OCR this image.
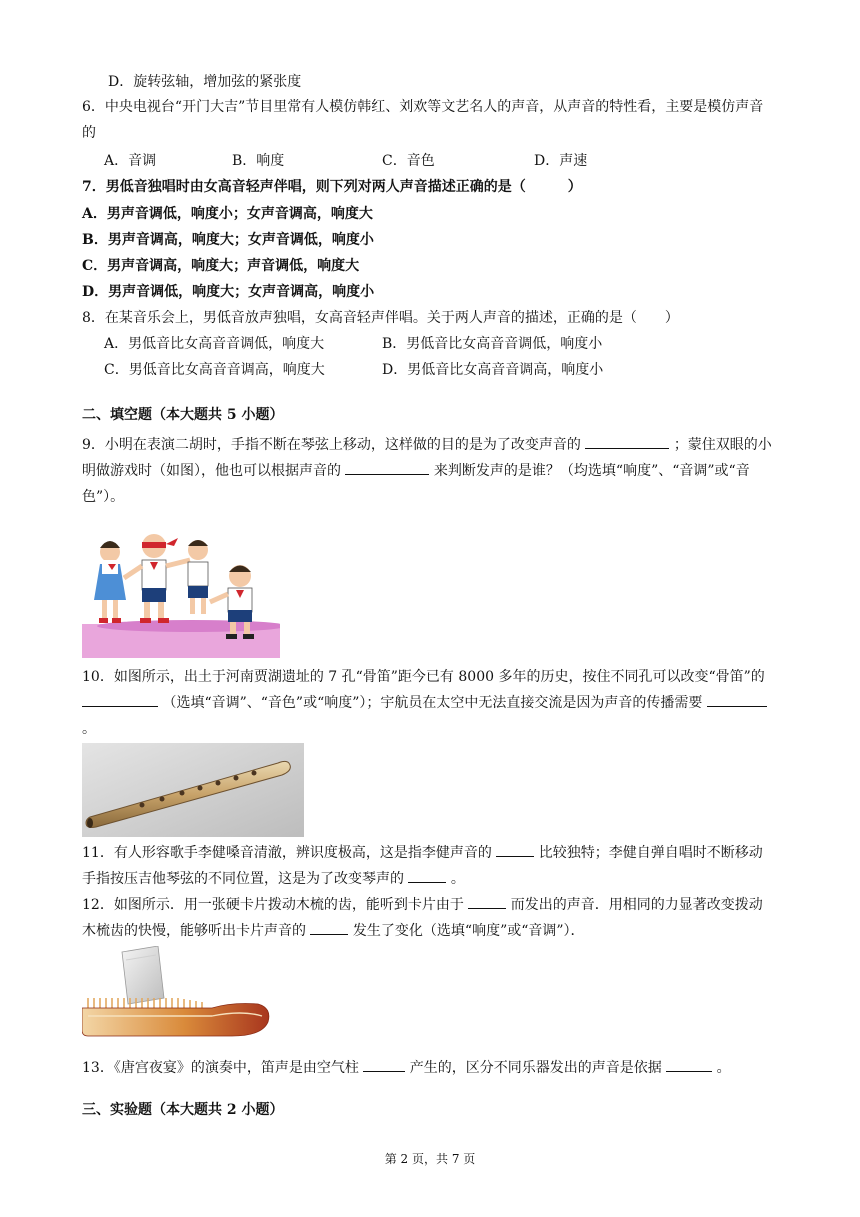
D．旋转弦轴，增加弦的紧张度
6．中央电视台“开门大吉”节目里常有人模仿韩红、刘欢等文艺名人的声音，从声音的特性看，主要是模仿声音的
A．音调	B．响度	C．音色	D．声速
7．男低音独唱时由女高音轻声伴唱，则下列对两人声音描述正确的是（　　　）
A．男声音调低，响度小；女声音调高，响度大
B．男声音调高，响度大；女声音调低，响度小
C．男声音调高，响度大；声音调低，响度大
D．男声音调低，响度大；女声音调高，响度小
8．在某音乐会上，男低音放声独唱，女高音轻声伴唱。关于两人声音的描述，正确的是（　　）
A．男低音比女高音音调低，响度大	B．男低音比女高音音调低，响度小
C．男低音比女高音音调高，响度大	D．男低音比女高音音调高，响度小
二、填空题（本大题共 5 小题）
9．小明在表演二胡时，手指不断在琴弦上移动，这样做的目的是为了改变声音的	；蒙住双眼的小明做游戏时（如图），他也可以根据声音的	来判断发声的是谁？（均选填“响度”、“音调”或“音色”）。
10．如图所示，出土于河南贾湖遗址的 7 孔“骨笛”距今已有 8000 多年的历史，按住不同孔可以改变“骨笛”的  （选填“音调”、“音色”或“响度”）；宇航员在太空中无法直接交流是因为声音的传播需要  。
11．有人形容歌手李健嗓音清澈，辨识度极高，这是指李健声音的	比较独特；李健自弹自唱时不断移动手指按压吉他琴弦的不同位置，这是为了改变琴声的	。
12．如图所示．用一张硬卡片拨动木梳的齿，能听到卡片由于	而发出的声音．用相同的力显著改变拨动木梳齿的快慢，能够听出卡片声音的	发生了变化（选填“响度”或“音调”）．
13．《唐宫夜宴》的演奏中，笛声是由空气柱	产生的，区分不同乐器发出的声音是依据	。
三、实验题（本大题共 2 小题）
第 2 页，共 7 页
